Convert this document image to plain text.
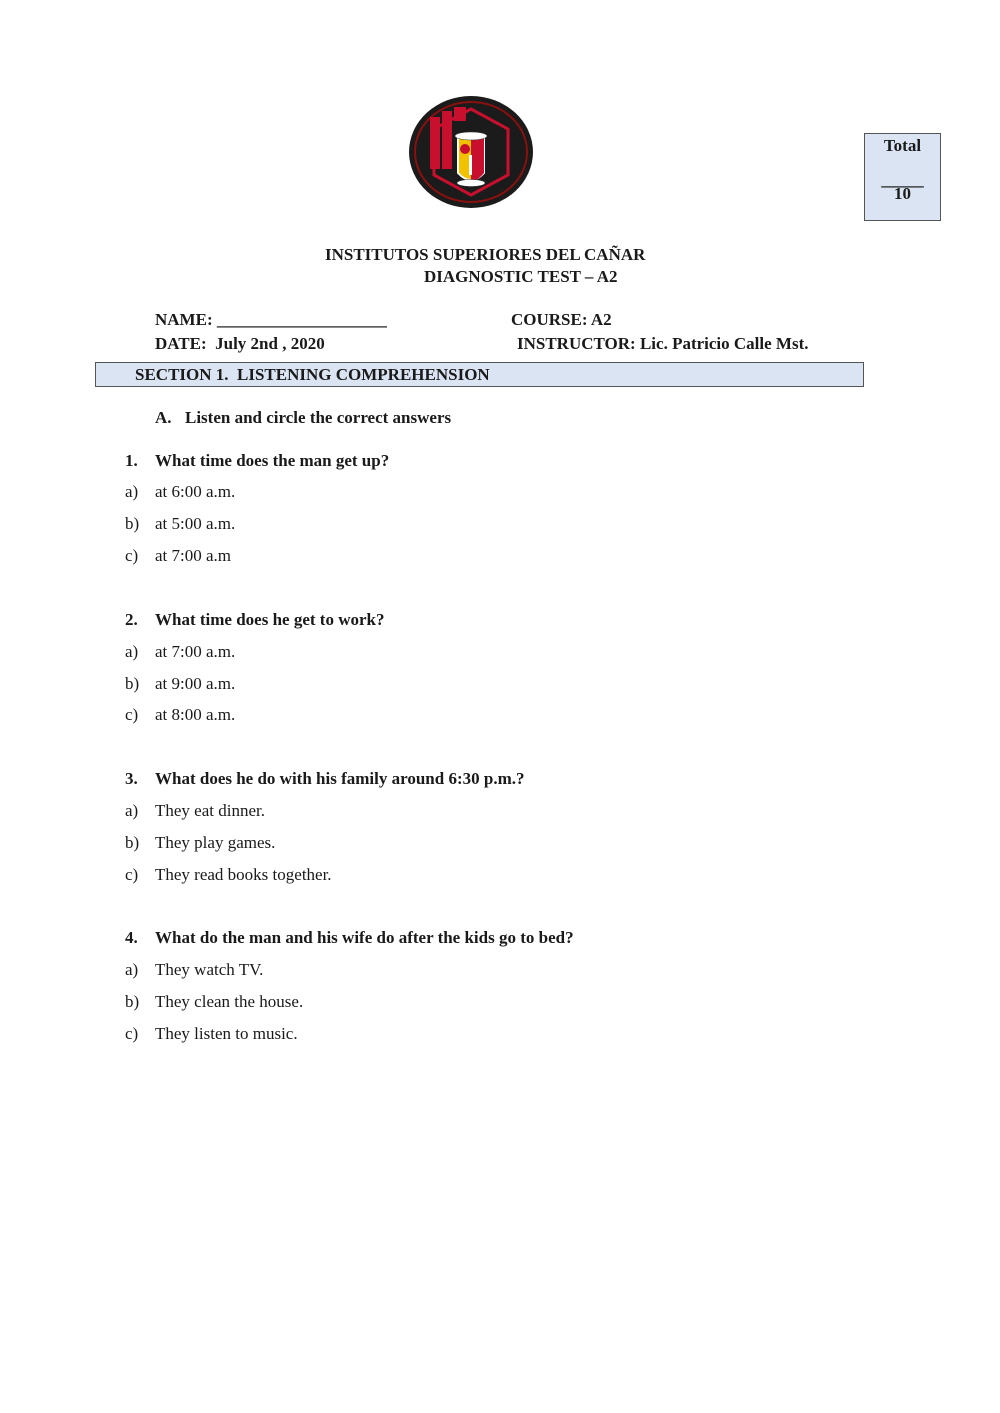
Total
_____
10
INSTITUTOS SUPERIORES DEL CAÑAR
DIAGNOSTIC TEST – A2
NAME: ____________________	COURSE: A2
DATE:  July 2nd , 2020	INSTRUCTOR: Lic. Patricio Calle Mst.
SECTION 1.  LISTENING COMPREHENSION
A. Listen and circle the correct answers
1. What time does the man get up?
a) at 6:00 a.m.
b) at 5:00 a.m.
c) at 7:00 a.m
2. What time does he get to work?
a) at 7:00 a.m.
b) at 9:00 a.m.
c) at 8:00 a.m.
3. What does he do with his family around 6:30 p.m.?
a) They eat dinner.
b) They play games.
c) They read books together.
4. What do the man and his wife do after the kids go to bed?
a) They watch TV.
b) They clean the house.
c) They listen to music.
